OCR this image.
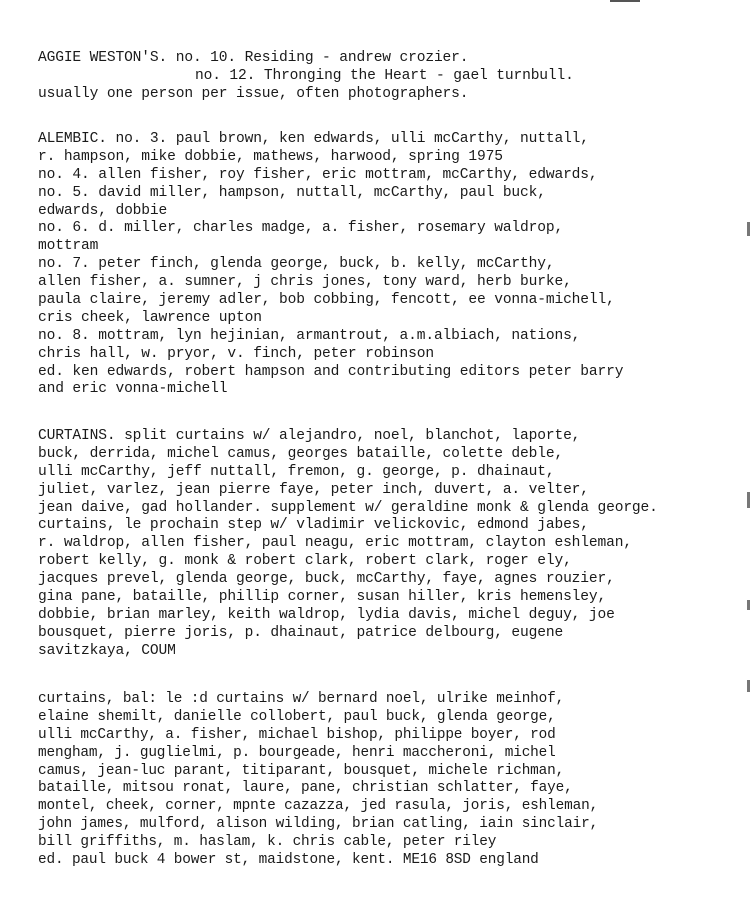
AGGIE WESTON'S. no. 10. Residing - andrew crozier.
no. 12. Thronging the Heart - gael turnbull.
usually one person per issue, often photographers.
ALEMBIC. no. 3. paul brown, ken edwards, ulli mcCarthy, nuttall,
r. hampson, mike dobbie, mathews, harwood, spring 1975
no. 4. allen fisher, roy fisher, eric mottram, mcCarthy, edwards,
no. 5. david miller, hampson, nuttall, mcCarthy, paul buck,
edwards, dobbie
no. 6. d. miller, charles madge, a. fisher, rosemary waldrop,
mottram
no. 7. peter finch, glenda george, buck, b. kelly, mcCarthy,
allen fisher, a. sumner, j chris jones, tony ward, herb burke,
paula claire, jeremy adler, bob cobbing, fencott, ee vonna-michell,
cris cheek, lawrence upton
no. 8. mottram, lyn hejinian, armantrout, a.m.albiach, nations,
chris hall, w. pryor, v. finch, peter robinson
ed. ken edwards, robert hampson and contributing editors peter barry
and eric vonna-michell
CURTAINS. split curtains w/ alejandro, noel, blanchot, laporte,
buck, derrida, michel camus, georges bataille, colette deble,
ulli mcCarthy, jeff nuttall, fremon, g. george, p. dhainaut,
juliet, varlez, jean pierre faye, peter inch, duvert, a. velter,
jean daive, gad hollander. supplement w/ geraldine monk & glenda george.
curtains, le prochain step w/ vladimir velickovic, edmond jabes,
r. waldrop, allen fisher, paul neagu, eric mottram, clayton eshleman,
robert kelly, g. monk & robert clark, robert clark, roger ely,
jacques prevel, glenda george, buck, mcCarthy, faye, agnes rouzier,
gina pane, bataille, phillip corner, susan hiller, kris hemensley,
dobbie, brian marley, keith waldrop, lydia davis, michel deguy, joe
bousquet, pierre joris, p. dhainaut, patrice delbourg, eugene
savitzkaya, COUM
curtains, bal: le :d curtains w/ bernard noel, ulrike meinhof,
elaine shemilt, danielle collobert, paul buck, glenda george,
ulli mcCarthy, a. fisher, michael bishop, philippe boyer, rod
mengham, j. guglielmi, p. bourgeade, henri maccheroni, michel
camus, jean-luc parant, titiparant, bousquet, michele richman,
bataille, mitsou ronat, laure, pane, christian schlatter, faye,
montel, cheek, corner, mpnte cazazza, jed rasula, joris, eshleman,
john james, mulford, alison wilding, brian catling, iain sinclair,
bill griffiths, m. haslam, k. chris cable, peter riley
ed. paul buck 4 bower st, maidstone, kent. ME16 8SD england
